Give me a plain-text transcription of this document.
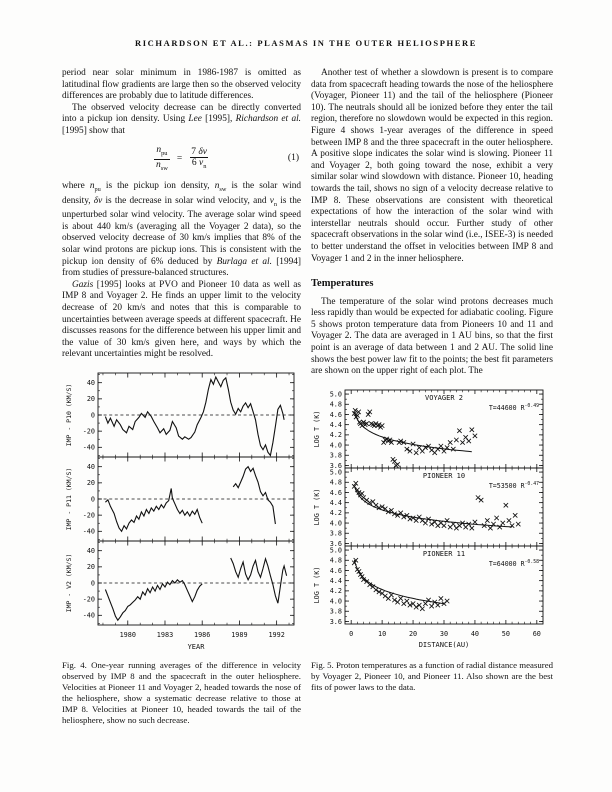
RICHARDSON ET AL.: PLASMAS IN THE OUTER HELIOSPHERE

period near solar minimum in 1986-1987 is omitted as latitudinal flow gradients are large then so the observed velocity differences are probably due to latitude differences.

The observed velocity decrease can be directly converted into a pickup ion density. Using Lee [1995], Richardson et al. [1995] show that

$\frac{n_{pu}}{n_{sw}} = \frac{7 \delta v}{6 v_n}$	(1)

where $n_{pu}$ is the pickup ion density, $n_{sw}$ is the solar wind density, δv is the decrease in solar wind velocity, and $v_n$ is the unperturbed solar wind velocity. The average solar wind speed is about 440 km/s (averaging all the Voyager 2 data), so the observed velocity decrease of 30 km/s implies that 8% of the solar wind protons are pickup ions. This is consistent with the pickup ion density of 6% deduced by Burlaga et al. [1994] from studies of pressure-balanced structures.

Gazis [1995] looks at PVO and Pioneer 10 data as well as IMP 8 and Voyager 2. He finds an upper limit to the velocity decrease of 20 km/s and notes that this is comparable to uncertainties between average speeds at different spacecraft. He discusses reasons for the difference between his upper limit and the value of 30 km/s given here, and ways by which the relevant uncertainties might be resolved.

-40
-20
0
20
40
IMP - P10 (KM/S)
-40
-20
0
20
40
IMP - P11 (KM/S)
-40
-20
0
20
40
IMP - V2 (KM/S)
1980	1983	1986	1989	1992
YEAR

Fig. 4. One-year running averages of the difference in velocity observed by IMP 8 and the spacecraft in the outer heliosphere. Velocities at Pioneer 11 and Voyager 2, headed towards the nose of the heliosphere, show a systematic decrease relative to those at IMP 8. Velocities at Pioneer 10, headed towards the tail of the heliosphere, show no such decrease.

Another test of whether a slowdown is present is to compare data from spacecraft heading towards the nose of the heliosphere (Voyager, Pioneer 11) and the tail of the heliosphere (Pioneer 10). The neutrals should all be ionized before they enter the tail region, therefore no slowdown would be expected in this region. Figure 4 shows 1-year averages of the difference in speed between IMP 8 and the three spacecraft in the outer heliosphere. A positive slope indicates the solar wind is slowing. Pioneer 11 and Voyager 2, both going toward the nose, exhibit a very similar solar wind slowdown with distance. Pioneer 10, heading towards the tail, shows no sign of a velocity decrease relative to IMP 8. These observations are consistent with theoretical expectations of how the interaction of the solar wind with interstellar neutrals should occur. Further study of other spacecraft observations in the solar wind (i.e., ISEE-3) is needed to better understand the offset in velocities between IMP 8 and Voyager 1 and 2 in the inner heliosphere.

Temperatures

The temperature of the solar wind protons decreases much less rapidly than would be expected for adiabatic cooling. Figure 5 shows proton temperature data from Pioneers 10 and 11 and Voyager 2. The data are averaged in 1 AU bins, so that the first point is an average of data between 1 and 2 AU. The solid line shows the best power law fit to the points; the best fit parameters are shown on the upper right of each plot. The

5.0
4.8
4.6
4.4
4.2
4.0
3.8
3.6
VOYAGER 2
T=44600 $R^{-0.49}$
LOG T (K)
5.0
4.8
4.6
4.4
4.2
4.0
3.8
3.6
PIONEER 10
T=53500 $R^{-0.47}$
LOG T (K)
5.0
4.8
4.6
4.4
4.2
4.0
3.8
3.6
PIONEER 11
T=64000 $R^{-0.58}$
LOG T (K)
0	10	20	30	40	50	60
DISTANCE(AU)

Fig. 5. Proton temperatures as a function of radial distance measured by Voyager 2, Pioneer 10, and Pioneer 11. Also shown are the best fits of power laws to the data.
